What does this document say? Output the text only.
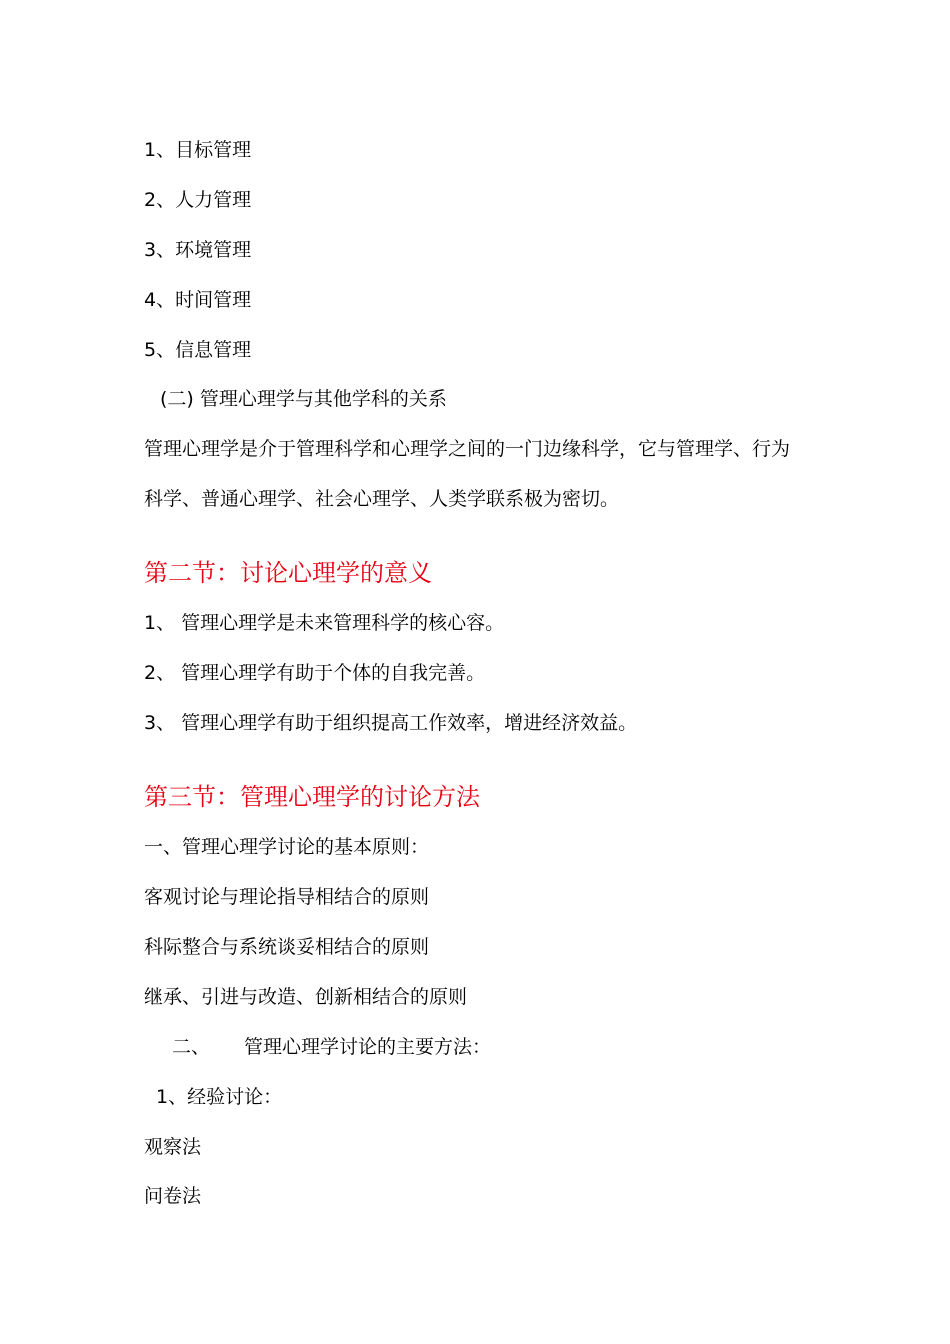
1、目标管理
2、人力管理
3、环境管理
4、时间管理
5、信息管理
(二) 管理心理学与其他学科的关系
管理心理学是介于管理科学和心理学之间的一门边缘科学，它与管理学、行为
科学、普通心理学、社会心理学、人类学联系极为密切。
第二节：讨论心理学的意义
1、 管理心理学是未来管理科学的核心容。
2、 管理心理学有助于个体的自我完善。
3、 管理心理学有助于组织提高工作效率，增进经济效益。
第三节：管理心理学的讨论方法
一、管理心理学讨论的基本原则：
客观讨论与理论指导相结合的原则
科际整合与系统谈妥相结合的原则
继承、引进与改造、创新相结合的原则
二、 管理心理学讨论的主要方法：
1、经验讨论：
观察法
问卷法
